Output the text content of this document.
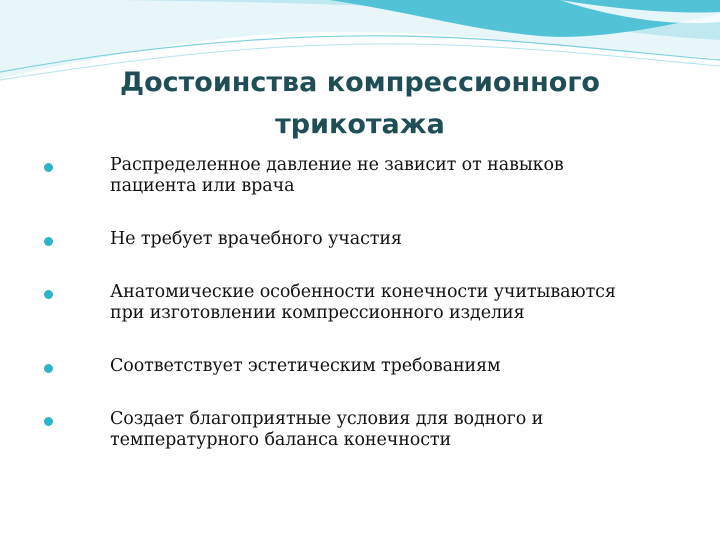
Достоинства компрессионного
трикотажа
Распределенное давление не зависит от навыков
пациента или врача
Не требует врачебного участия
Анатомические особенности конечности учитываются
при изготовлении компрессионного изделия
Соответствует эстетическим требованиям
Создает благоприятные условия для водного и
температурного баланса конечности
